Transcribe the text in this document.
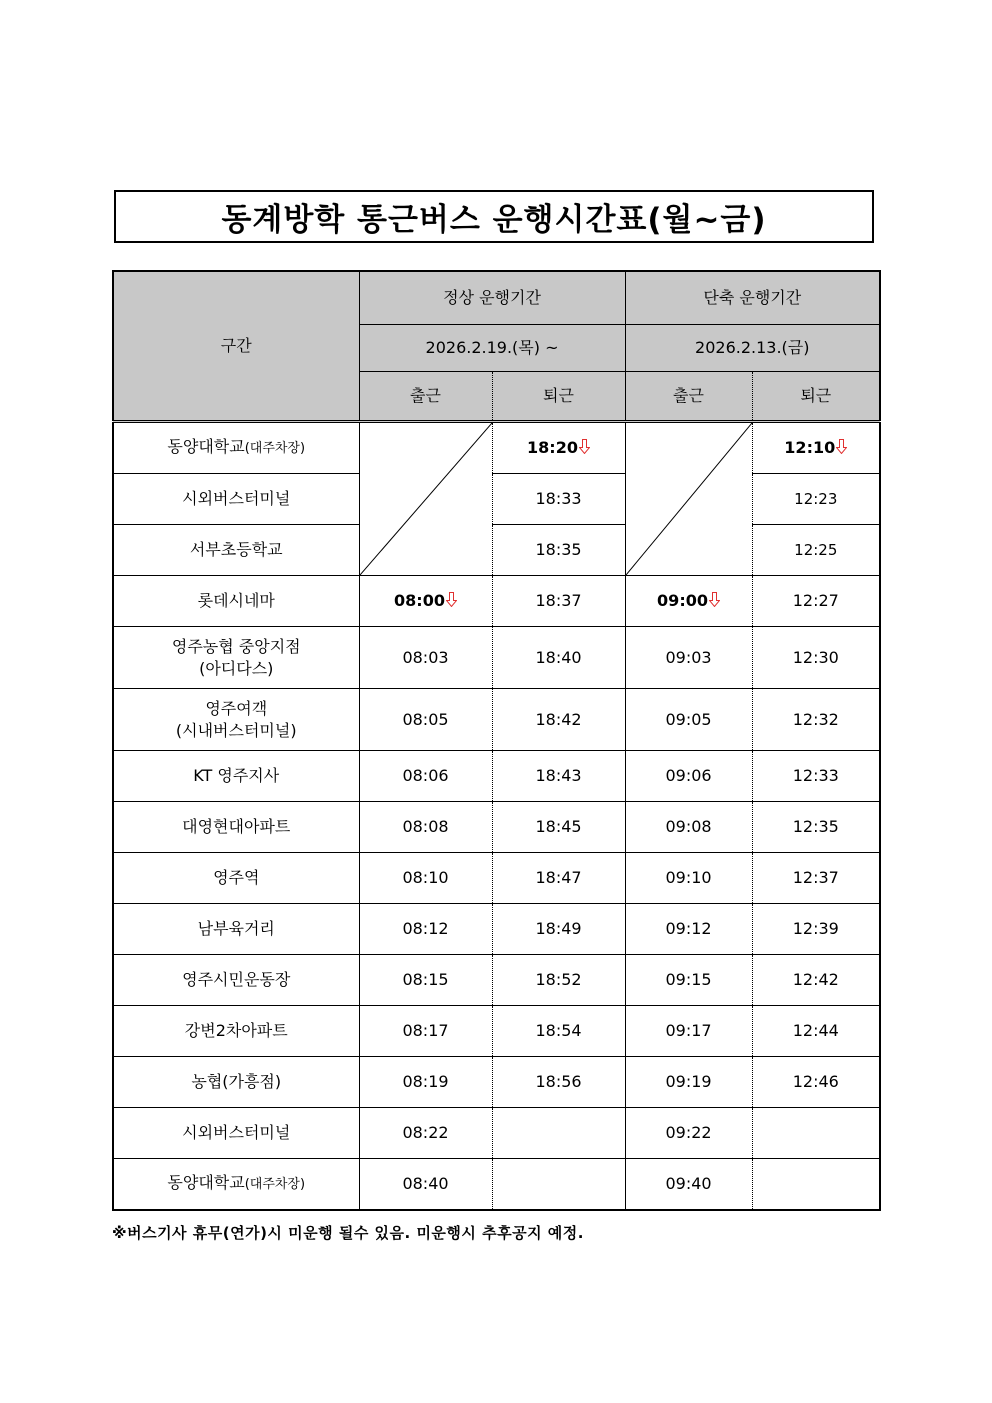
동계방학 통근버스 운행시간표(월~금)
구간	정상 운행기간		단축 운행기간	
	2026.2.19.(목) ~		2026.2.13.(금)	
	출근	퇴근	출근	퇴근
동양대학교(대주차장)		18:20		12:10

시외버스터미널		18:33		12:23
서부초등학교		18:35		12:25
롯데시네마	08:00	18:37	09:00	12:27

영주농협 중앙지점
(아디다스)	08:03	18:40	09:03	12:30

영주여객
(시내버스터미널)	08:05	18:42	09:05	12:32
KT 영주지사	08:06	18:43	09:06	12:33
대영현대아파트	08:08	18:45	09:08	12:35
영주역	08:10	18:47	09:10	12:37
남부육거리	08:12	18:49	09:12	12:39
영주시민운동장	08:15	18:52	09:15	12:42
강변2차아파트	08:17	18:54	09:17	12:44
농협(가흥점)	08:19	18:56	09:19	12:46
시외버스터미널	08:22		09:22	
동양대학교(대주차장)	08:40		09:40	
※버스기사 휴무(연가)시 미운행 될수 있음. 미운행시 추후공지 예정.
